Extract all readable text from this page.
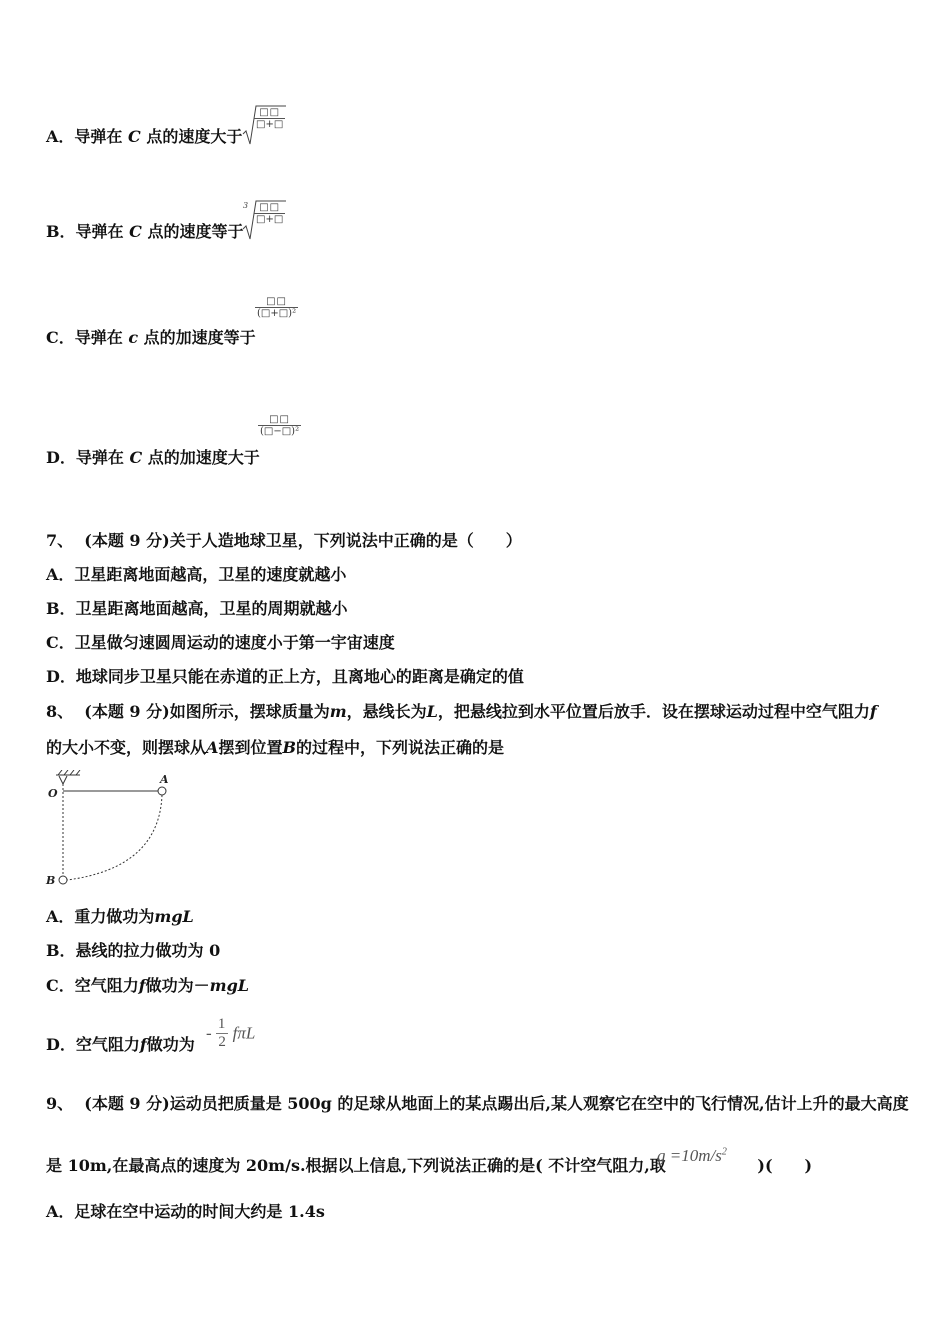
A．导弹在 C 点的速度大于
$\frac{□□}{□+□}$
B．导弹在 C 点的速度等于
$3 \frac{□□}{□+□}$
C．导弹在 c 点的加速度等于
$\frac{□□}{\text{(□+□)²}}$
D．导弹在 C 点的加速度大于
$\frac{□□}{\text{(□−□)²}}$
7、 (本题 9 分)关于人造地球卫星，下列说法中正确的是（　　）
A．卫星距离地面越高，卫星的速度就越小
B．卫星距离地面越高，卫星的周期就越小
C．卫星做匀速圆周运动的速度小于第一宇宙速度
D．地球同步卫星只能在赤道的正上方，且离地心的距离是确定的值
8、 (本题 9 分)如图所示，摆球质量为m，悬线长为L，把悬线拉到水平位置后放手．设在摆球运动过程中空气阻力f
的大小不变，则摆球从A摆到位置B的过程中，下列说法正确的是
O
A
B
A．重力做功为mgL
B．悬线的拉力做功为 0
C．空气阻力f做功为－mgL
D．空气阻力f做功为
- $\frac{1}{2}$ fπL
9、 (本题 9 分)运动员把质量是 500g 的足球从地面上的某点踢出后,某人观察它在空中的飞行情况,估计上升的最大高度
是 10m,在最高点的速度为 20m/s.根据以上信息,下列说法正确的是( 不计空气阻力,取	)(　　)
$g =10m/s^2$
A．足球在空中运动的时间大约是 1.4s
